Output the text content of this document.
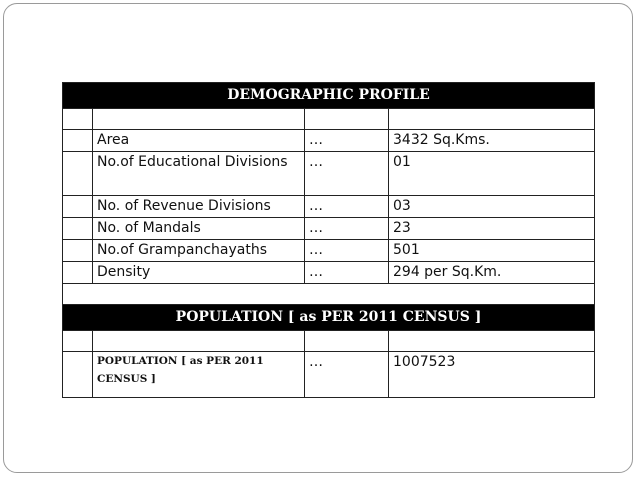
DEMOGRAPHIC PROFILE			

	Area	…	3432 Sq.Kms.
	No.of Educational Divisions	…	01
	No. of Revenue Divisions	…	03
	No. of Mandals	…	23
	No.of Grampanchayaths	…	501
	Density	…	294 per Sq.Km.

POPULATION [ as PER 2011 CENSUS ]			

	POPULATION [ as PER 2011 CENSUS ]	…	1007523
